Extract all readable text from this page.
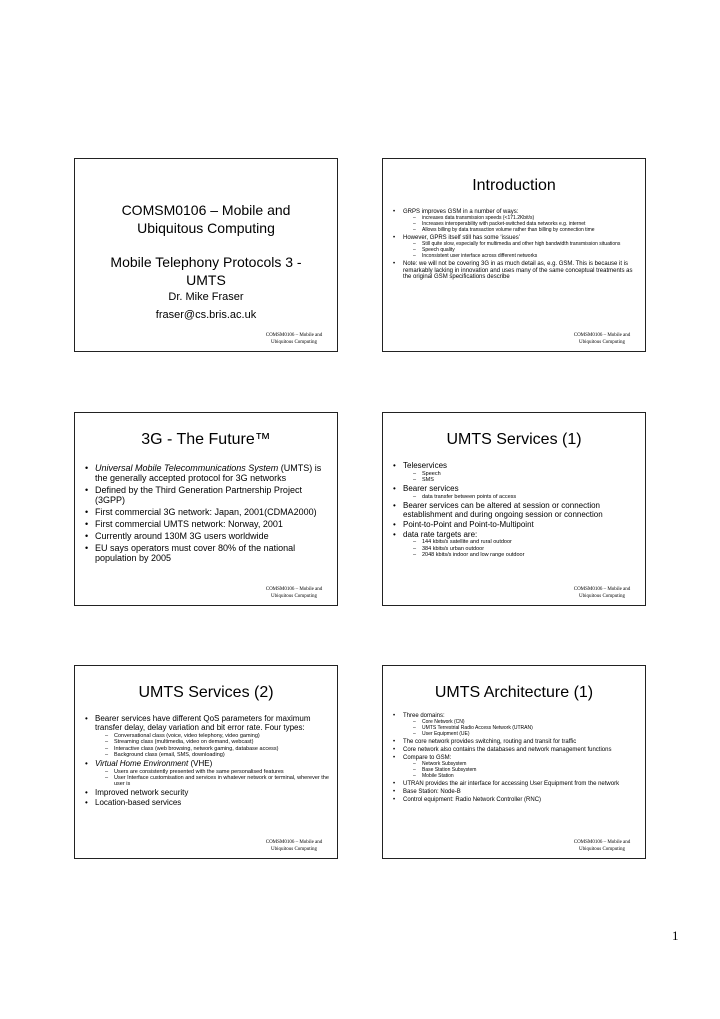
COMSM0106 – Mobile and
Ubiquitous Computing
Mobile Telephony Protocols 3 -
UMTS
Dr. Mike Fraser
fraser@cs.bris.ac.uk
COMSM0106 – Mobile and
Ubiquitous Computing
Introduction
• GRPS improves GSM in a number of ways:
– increases data transmission speeds (<171.2Kbit/s)
– Increases interoperability with packet-switched data networks e.g. internet
– Allows billing by data transaction volume rather than billing by connection time
• However, GPRS itself still has some ‘issues’
– Still quite slow, especially for multimedia and other high bandwidth transmission situations
– Speech quality
– Inconsistent user interface across different networks
• Note: we will not be covering 3G in as much detail as, e.g. GSM. This is because it is remarkably lacking in innovation and uses many of the same conceptual treatments as the original GSM specifications describe
COMSM0106 – Mobile and
Ubiquitous Computing
3G - The Future™
• Universal Mobile Telecommunications System (UMTS) is the generally accepted protocol for 3G networks
• Defined by the Third Generation Partnership Project (3GPP)
• First commercial 3G network: Japan, 2001(CDMA2000)
• First commercial UMTS network: Norway, 2001
• Currently around 130M 3G users worldwide
• EU says operators must cover 80% of the national population by 2005
COMSM0106 – Mobile and
Ubiquitous Computing
UMTS Services (1)
• Teleservices
– Speech
– SMS
• Bearer services
– data transfer between points of access
• Bearer services can be altered at session or connection establishment and during ongoing session or connection
• Point-to-Point and Point-to-Multipoint
• data rate targets are:
– 144 kbits/s satellite and rural outdoor
– 384 kbits/s urban outdoor
– 2048 kbits/s indoor and low range outdoor
COMSM0106 – Mobile and
Ubiquitous Computing
UMTS Services (2)
• Bearer services have different QoS parameters for maximum transfer delay, delay variation and bit error rate. Four types:
– Conversational class (voice, video telephony, video gaming)
– Streaming class (multimedia, video on demand, webcast)
– Interactive class (web browsing, network gaming, database access)
– Background class (email, SMS, downloading)
• Virtual Home Environment (VHE)
– Users are consistently presented with the same personalised features
– User Interface customisation and services in whatever network or terminal, wherever the user is
• Improved network security
• Location-based services
COMSM0106 – Mobile and
Ubiquitous Computing
UMTS Architecture (1)
• Three domains:
– Core Network (CN)
– UMTS Terrestrial Radio Access Network (UTRAN)
– User Equipment (UE)
• The core network provides switching, routing and transit for traffic
• Core network also contains the databases and network management functions
• Compare to GSM:
– Network Subsystem
– Base Station Subsystem
– Mobile Station
• UTRAN provides the air interface for accessing User Equipment from the network
• Base Station: Node-B
• Control equipment: Radio Network Controller (RNC)
COMSM0106 – Mobile and
Ubiquitous Computing
1
